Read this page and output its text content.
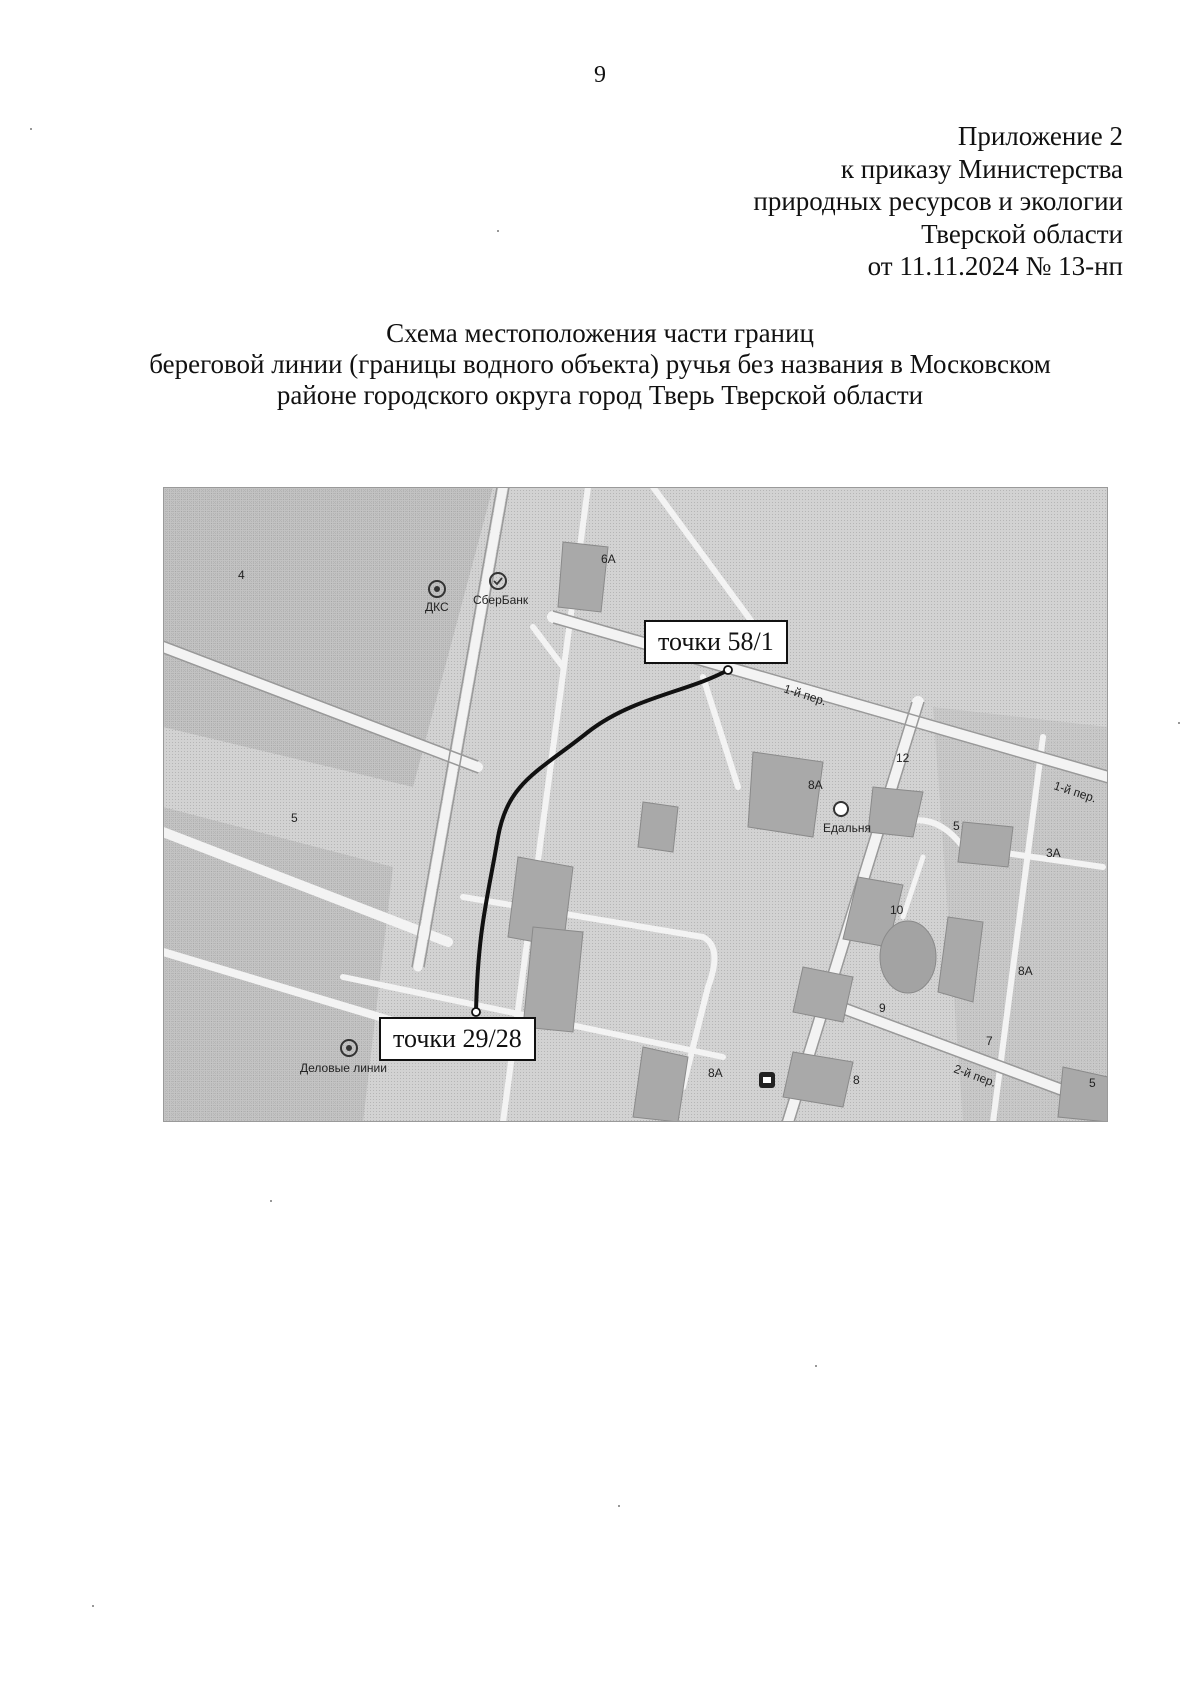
9
Приложение 2
к приказу Министерства
природных ресурсов и экологии
Тверской области
от 11.11.2024 № 13-нп
Схема местоположения части границ
береговой линии (границы водного объекта) ручья без названия в Московском
районе городского округа город Тверь Тверской области
4
ДКС СберБанк
6А
1-й пер.
1-й пер.
5
8А
Едальня	5
3А
10
8А
9
7
8А	8	2-й пер.	5
Деловые линии
12
точки 58/1
точки 29/28
